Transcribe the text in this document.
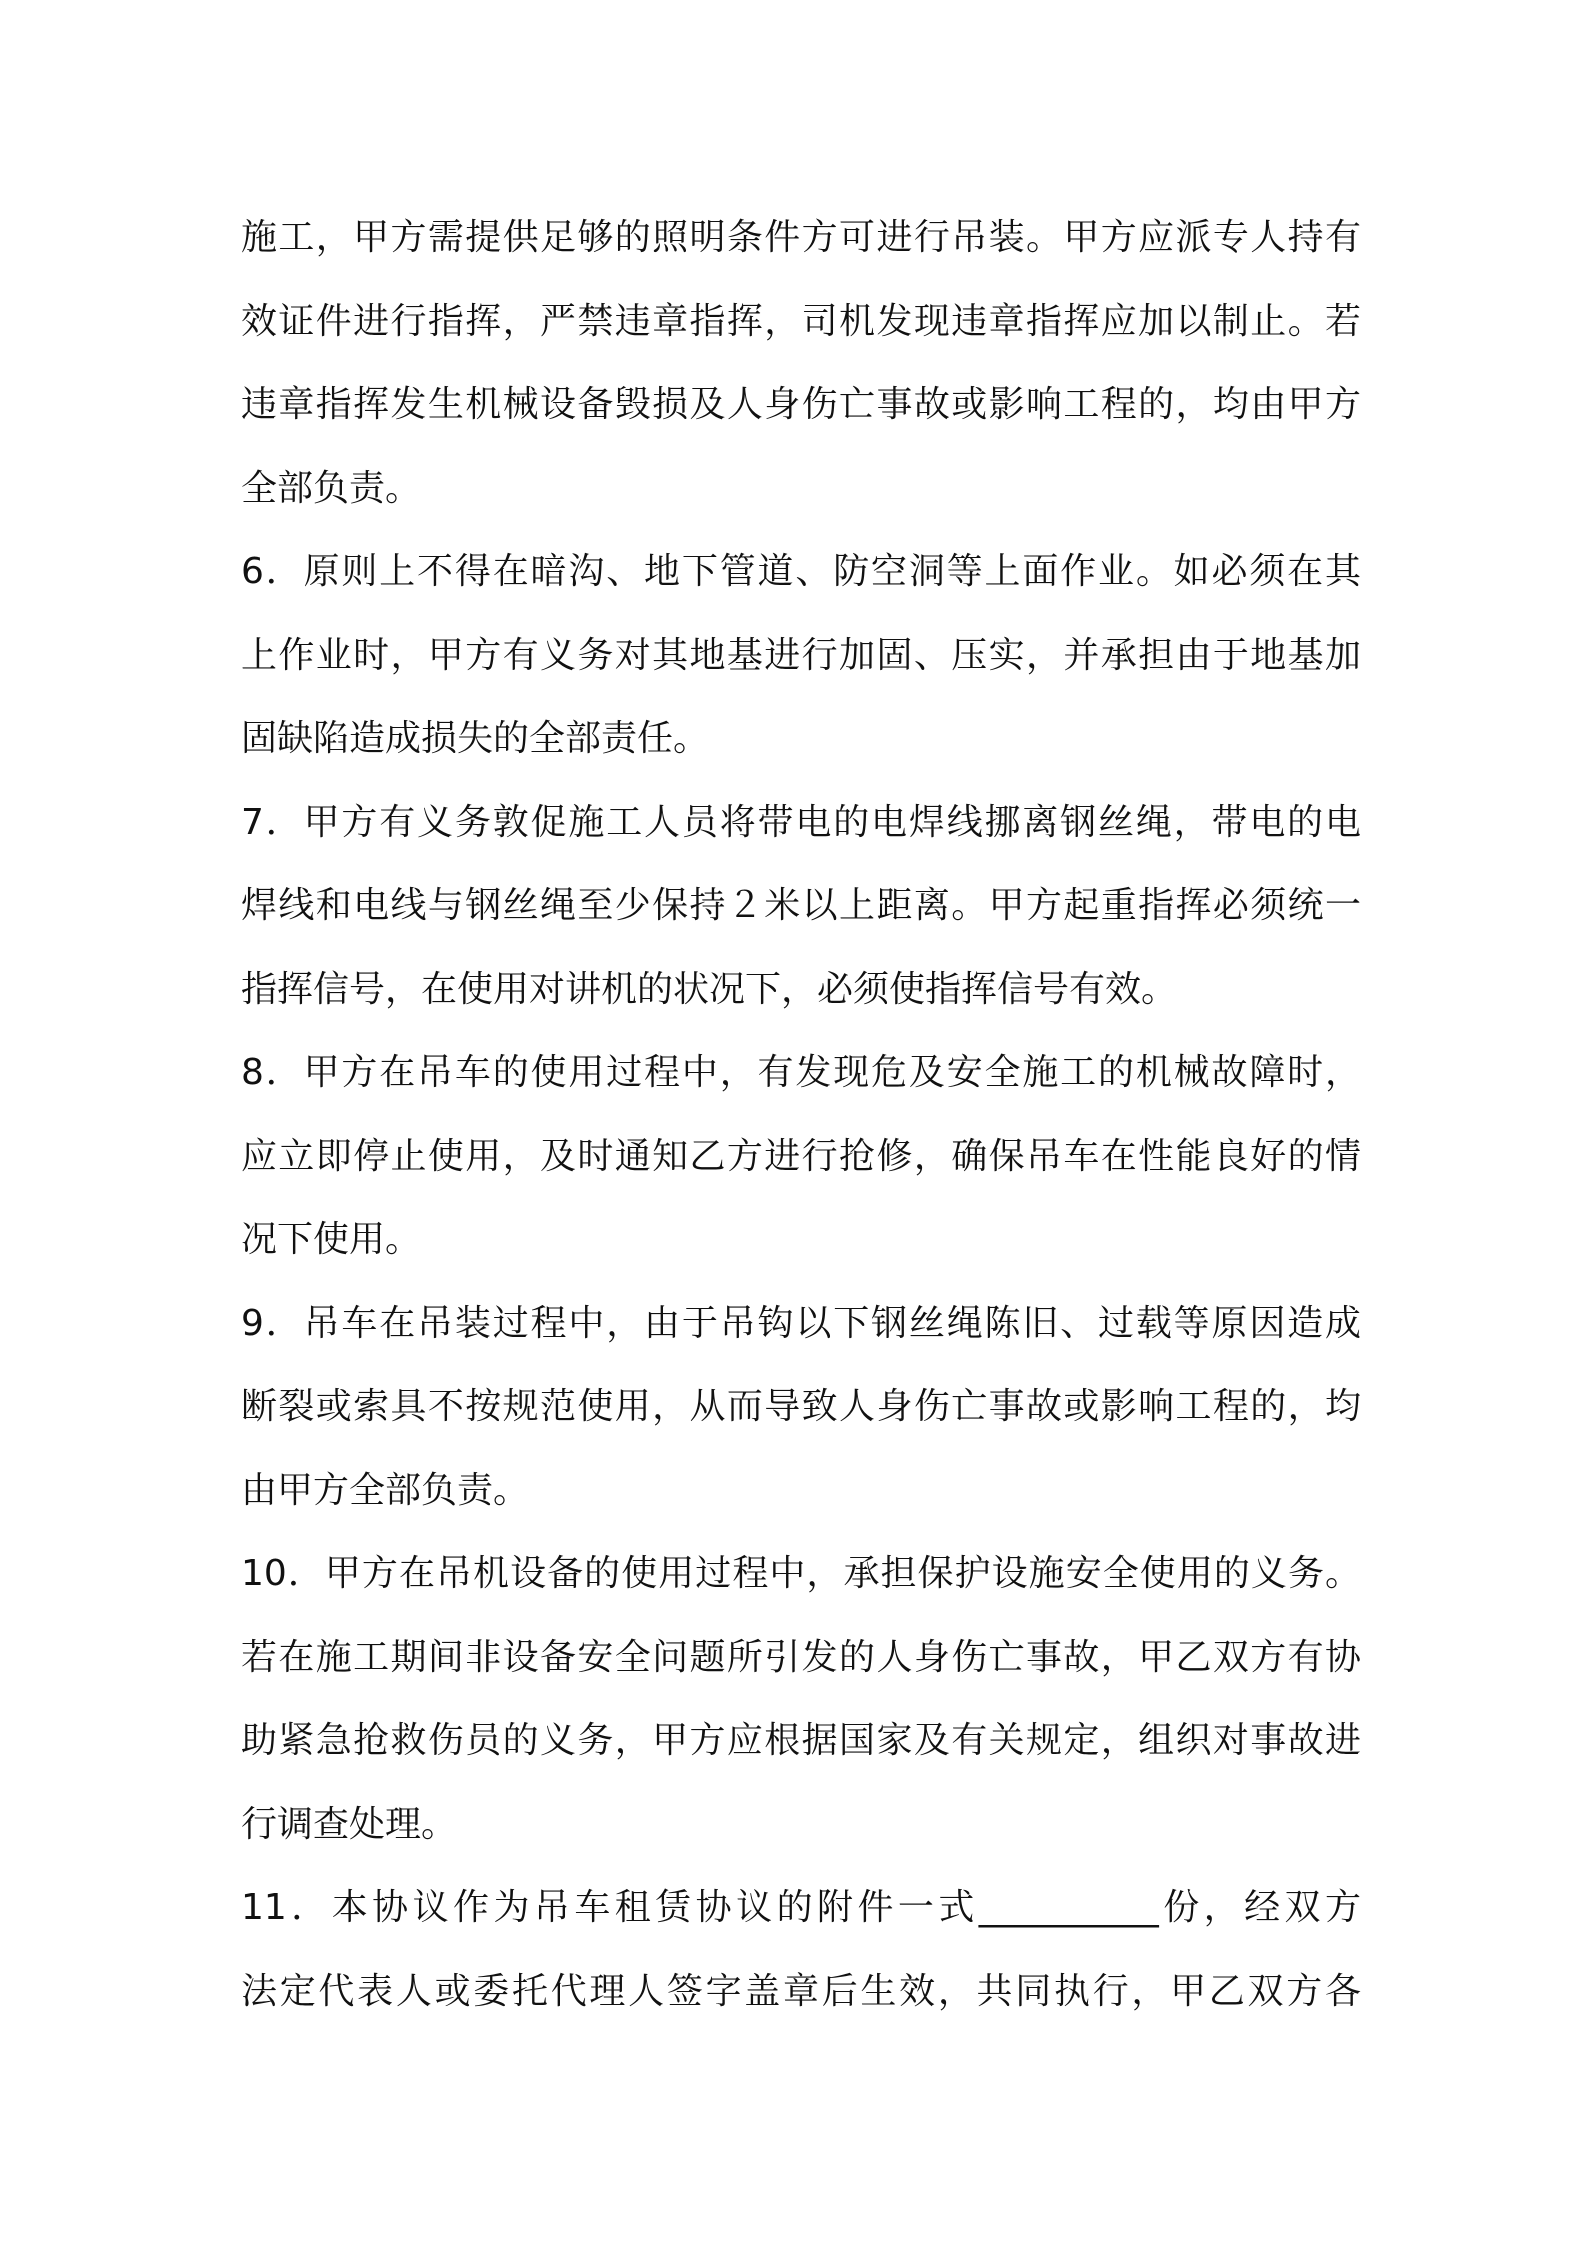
施工，甲方需提供足够的照明条件方可进行吊装。甲方应派专人持有
效证件进行指挥，严禁违章指挥，司机发现违章指挥应加以制止。若
违章指挥发生机械设备毁损及人身伤亡事故或影响工程的，均由甲方
全部负责。
6．原则上不得在暗沟、地下管道、防空洞等上面作业。如必须在其
上作业时，甲方有义务对其地基进行加固、压实，并承担由于地基加
固缺陷造成损失的全部责任。
7．甲方有义务敦促施工人员将带电的电焊线挪离钢丝绳，带电的电
焊线和电线与钢丝绳至少保持２米以上距离。甲方起重指挥必须统一
指挥信号，在使用对讲机的状况下，必须使指挥信号有效。
8．甲方在吊车的使用过程中，有发现危及安全施工的机械故障时，
应立即停止使用，及时通知乙方进行抢修，确保吊车在性能良好的情
况下使用。
9．吊车在吊装过程中，由于吊钩以下钢丝绳陈旧、过载等原因造成
断裂或索具不按规范使用，从而导致人身伤亡事故或影响工程的，均
由甲方全部负责。
10．甲方在吊机设备的使用过程中，承担保护设施安全使用的义务。
若在施工期间非设备安全问题所引发的人身伤亡事故，甲乙双方有协
助紧急抢救伤员的义务，甲方应根据国家及有关规定，组织对事故进
行调查处理。
11．本协议作为吊车租赁协议的附件一式__________份，经双方
法定代表人或委托代理人签字盖章后生效，共同执行，甲乙双方各
